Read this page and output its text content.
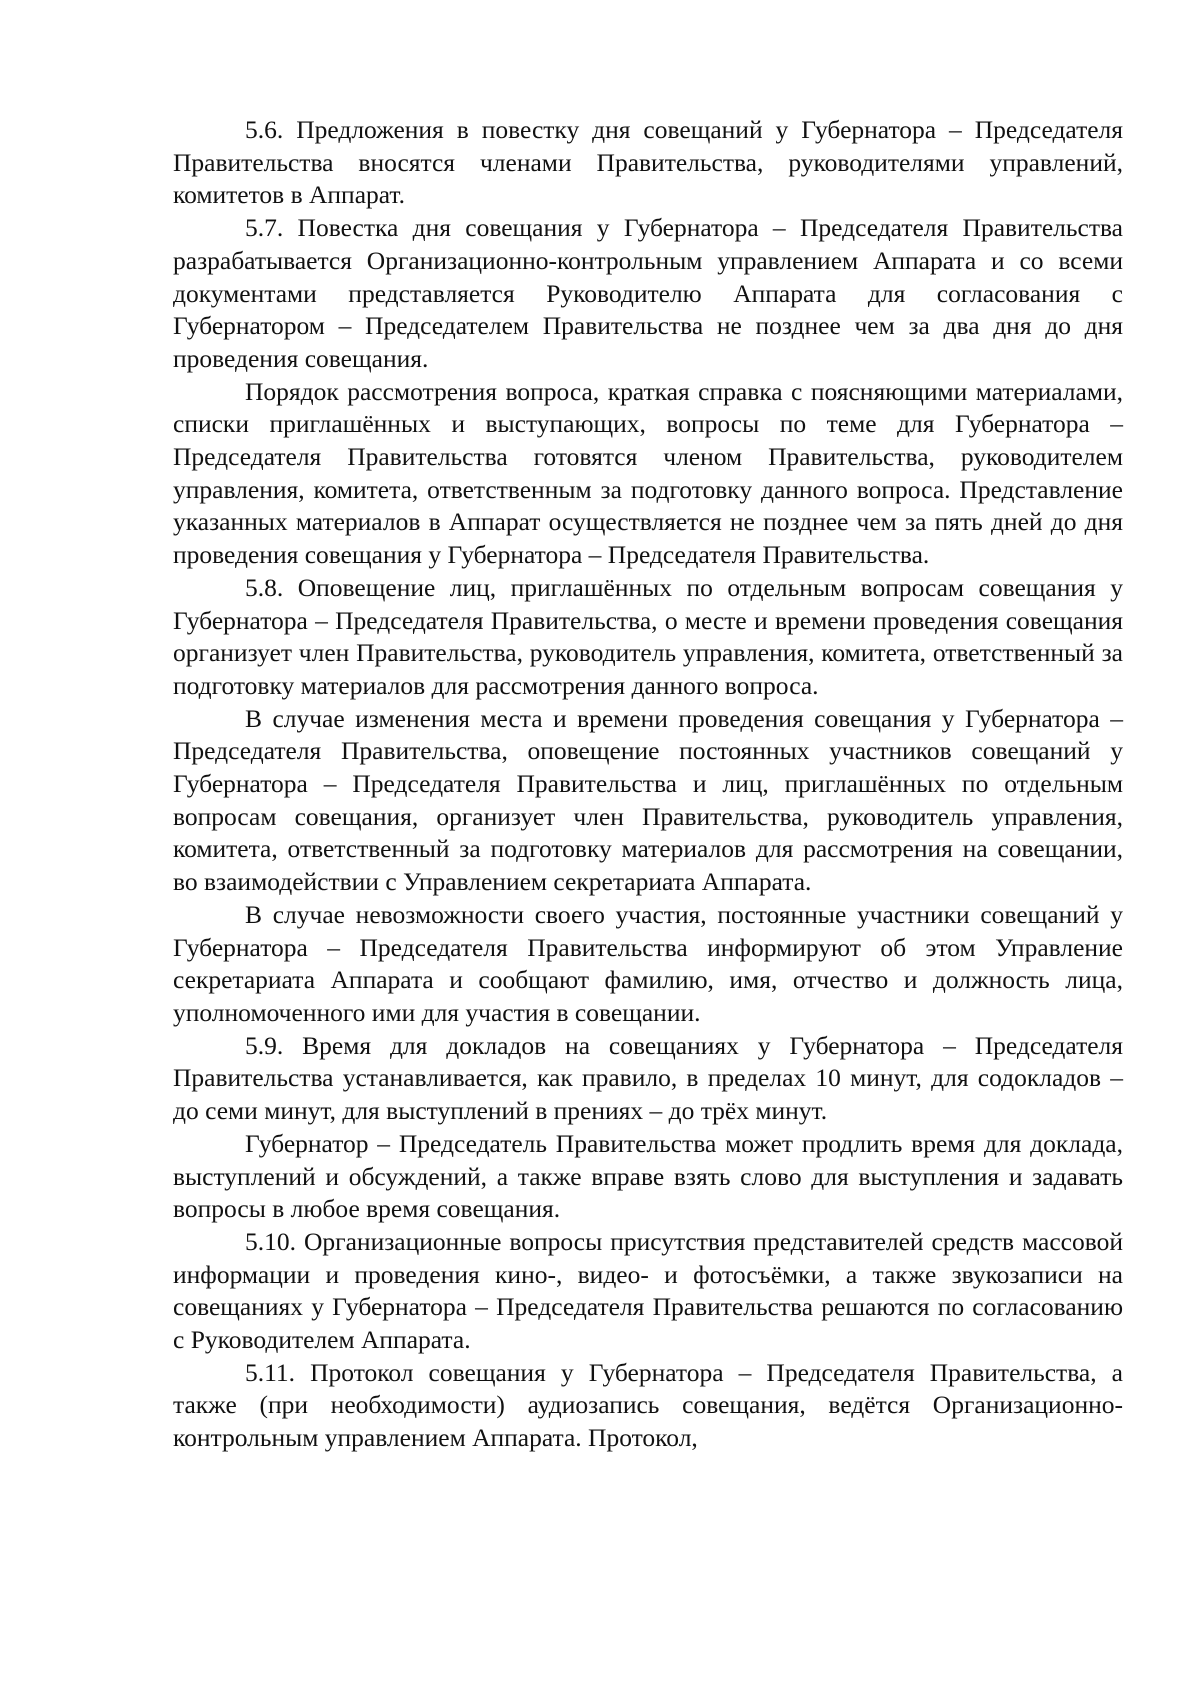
5.6. Предложения в повестку дня совещаний у Губернатора – Председателя Правительства вносятся членами Правительства, руководителями управлений, комитетов в Аппарат.

5.7. Повестка дня совещания у Губернатора – Председателя Правительства разрабатывается Организационно-контрольным управлением Аппарата и со всеми документами представляется Руководителю Аппарата для согласования с Губернатором – Председателем Правительства не позднее чем за два дня до дня проведения совещания.

Порядок рассмотрения вопроса, краткая справка с поясняющими материалами, списки приглашённых и выступающих, вопросы по теме для Губернатора – Председателя Правительства готовятся членом Правительства, руководителем управления, комитета, ответственным за подготовку данного вопроса. Представление указанных материалов в Аппарат осуществляется не позднее чем за пять дней до дня проведения совещания у Губернатора – Председателя Правительства.

5.8. Оповещение лиц, приглашённых по отдельным вопросам совещания у Губернатора – Председателя Правительства, о месте и времени проведения совещания организует член Правительства, руководитель управления, комитета, ответственный за подготовку материалов для рассмотрения данного вопроса.

В случае изменения места и времени проведения совещания у Губернатора – Председателя Правительства, оповещение постоянных участников совещаний у Губернатора – Председателя Правительства и лиц, приглашённых по отдельным вопросам совещания, организует член Правительства, руководитель управления, комитета, ответственный за подготовку материалов для рассмотрения на совещании, во взаимодействии с Управлением секретариата Аппарата.

В случае невозможности своего участия, постоянные участники совещаний у Губернатора – Председателя Правительства информируют об этом Управление секретариата Аппарата и сообщают фамилию, имя, отчество и должность лица, уполномоченного ими для участия в совещании.

5.9. Время для докладов на совещаниях у Губернатора – Председателя Правительства устанавливается, как правило, в пределах 10 минут, для содокладов – до семи минут, для выступлений в прениях – до трёх минут.

Губернатор – Председатель Правительства может продлить время для доклада, выступлений и обсуждений, а также вправе взять слово для выступления и задавать вопросы в любое время совещания.

5.10. Организационные вопросы присутствия представителей средств массовой информации и проведения кино-, видео- и фотосъёмки, а также звукозаписи на совещаниях у Губернатора – Председателя Правительства решаются по согласованию с Руководителем Аппарата.

5.11. Протокол совещания у Губернатора – Председателя Правительства, а также (при необходимости) аудиозапись совещания, ведётся Организационно-контрольным управлением Аппарата. Протокол,
